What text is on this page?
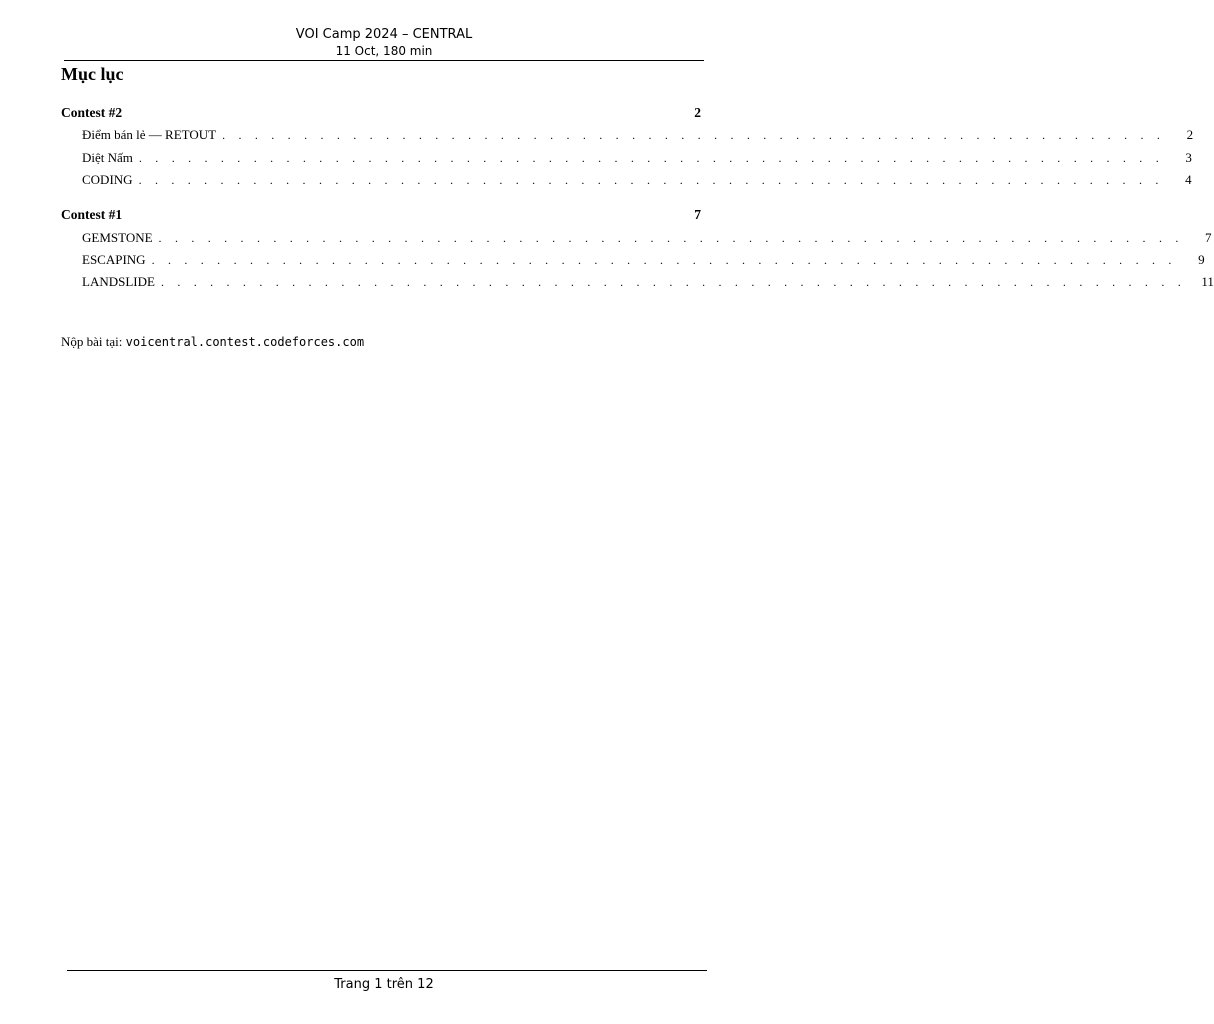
VOI Camp 2024 – CENTRAL
11 Oct, 180 min
Mục lục
Contest #2	2
Điểm bán lẻ — RETOUT . . . . . . . . . . . . . . . . . . . . . . . . . . . . . . . . . . . . . . . . . . . . . . . . . . . . . . . . . .	2
Diệt Nấm . . . . . . . . . . . . . . . . . . . . . . . . . . . . . . . . . . . . . . . . . . . . . . . . . . . . . . . . . . . . . . .	3
CODING . . . . . . . . . . . . . . . . . . . . . . . . . . . . . . . . . . . . . . . . . . . . . . . . . . . . . . . . . . . . . . .	4
Contest #1	7
GEMSTONE . . . . . . . . . . . . . . . . . . . . . . . . . . . . . . . . . . . . . . . . . . . . . . . . . . . . . . . . . . . . . . .	7
ESCAPING . . . . . . . . . . . . . . . . . . . . . . . . . . . . . . . . . . . . . . . . . . . . . . . . . . . . . . . . . . . . . . .	9
LANDSLIDE . . . . . . . . . . . . . . . . . . . . . . . . . . . . . . . . . . . . . . . . . . . . . . . . . . . . . . . . . . . . . . .	11
Nộp bài tại: voicentral.contest.codeforces.com
Trang 1 trên 12
